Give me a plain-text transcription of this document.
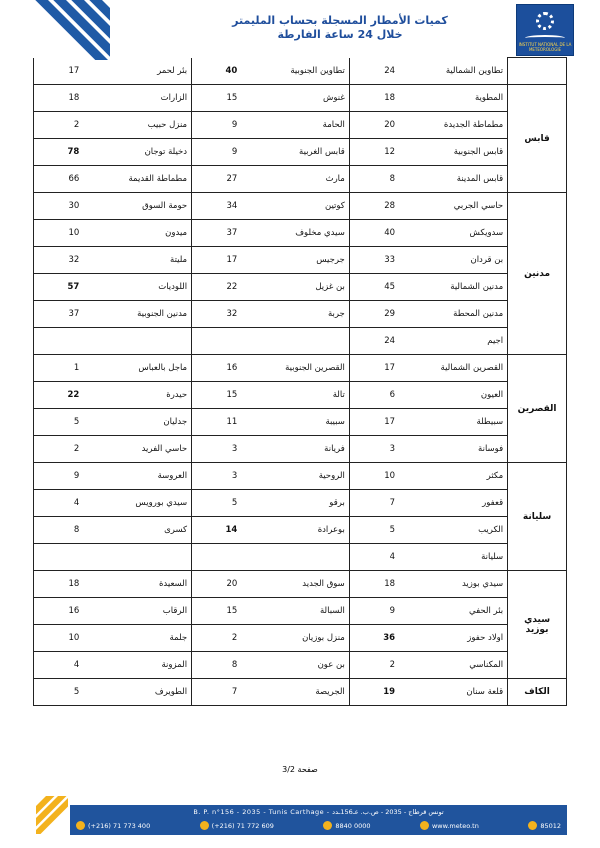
كميات الأمطار المسجلة بحساب المليمتر
خلال 24 ساعة الفارطة
INSTITUT NATIONAL DE LA METEOROLOGIE
	تطاوين الشمالية	24	تطاوين الجنوبية	40	بئر لحمر	17
قابس	المطوية	18	غنوش	15	الزارات	18
	مطماطة الجديدة	20	الحامة	9	منزل حبيب	2
	قابس الجنوبية	12	قابس الغربية	9	دخيلة توجان	78
	قابس المدينة	8	مارث	27	مطماطة القديمة	66
مدنين	حاسي الجربي	28	كوتين	34	حومة السوق	30
	سدويكش	40	سيدي مخلوف	37	ميدون	10
	بن قردان	33	جرجيس	17	مليتة	32
	مدنين الشمالية	45	بن غزيل	22	اللوديات	57
	مدنين المحطة	29	جربة	32	مدنين الجنوبية	37
	اجيم	24				
القصرين	القصرين الشمالية	17	القصرين الجنوبية	16	ماجل بالعباس	1
	العيون	6	تالة	15	حيدرة	22
	سبيطلة	17	سبيبة	11	جدليان	5
	فوسانة	3	فريانة	3	حاسي الفريد	2
سليانة	مكثر	10	الروحية	3	العروسة	9
	قعفور	7	برقو	5	سيدي بورويس	4
	الكريب	5	بوعرادة	14	كسرى	8
	سليانة	4				
سيدي بوزيد	سيدي بوزيد	18	سوق الجديد	20	السعيدة	18
	بئر الحفي	9	السبالة	15	الرقاب	16
	اولاد حفوز	36	منزل بوزيان	2	جلمة	10
	المكناسي	2	بن عون	8	المزونة	4
الكاف	قلعة سنان	19	الجريصة	7	الطويرف	5
صفحة 3/2
B. P. n°156 - 2035 - Tunis Carthage - تونس قرطاج - 2035 - ص.ب. عـ156ـدد
(+216) 71 773 400	(+216) 71 772 609	8840 0000	www.meteo.tn	85012
